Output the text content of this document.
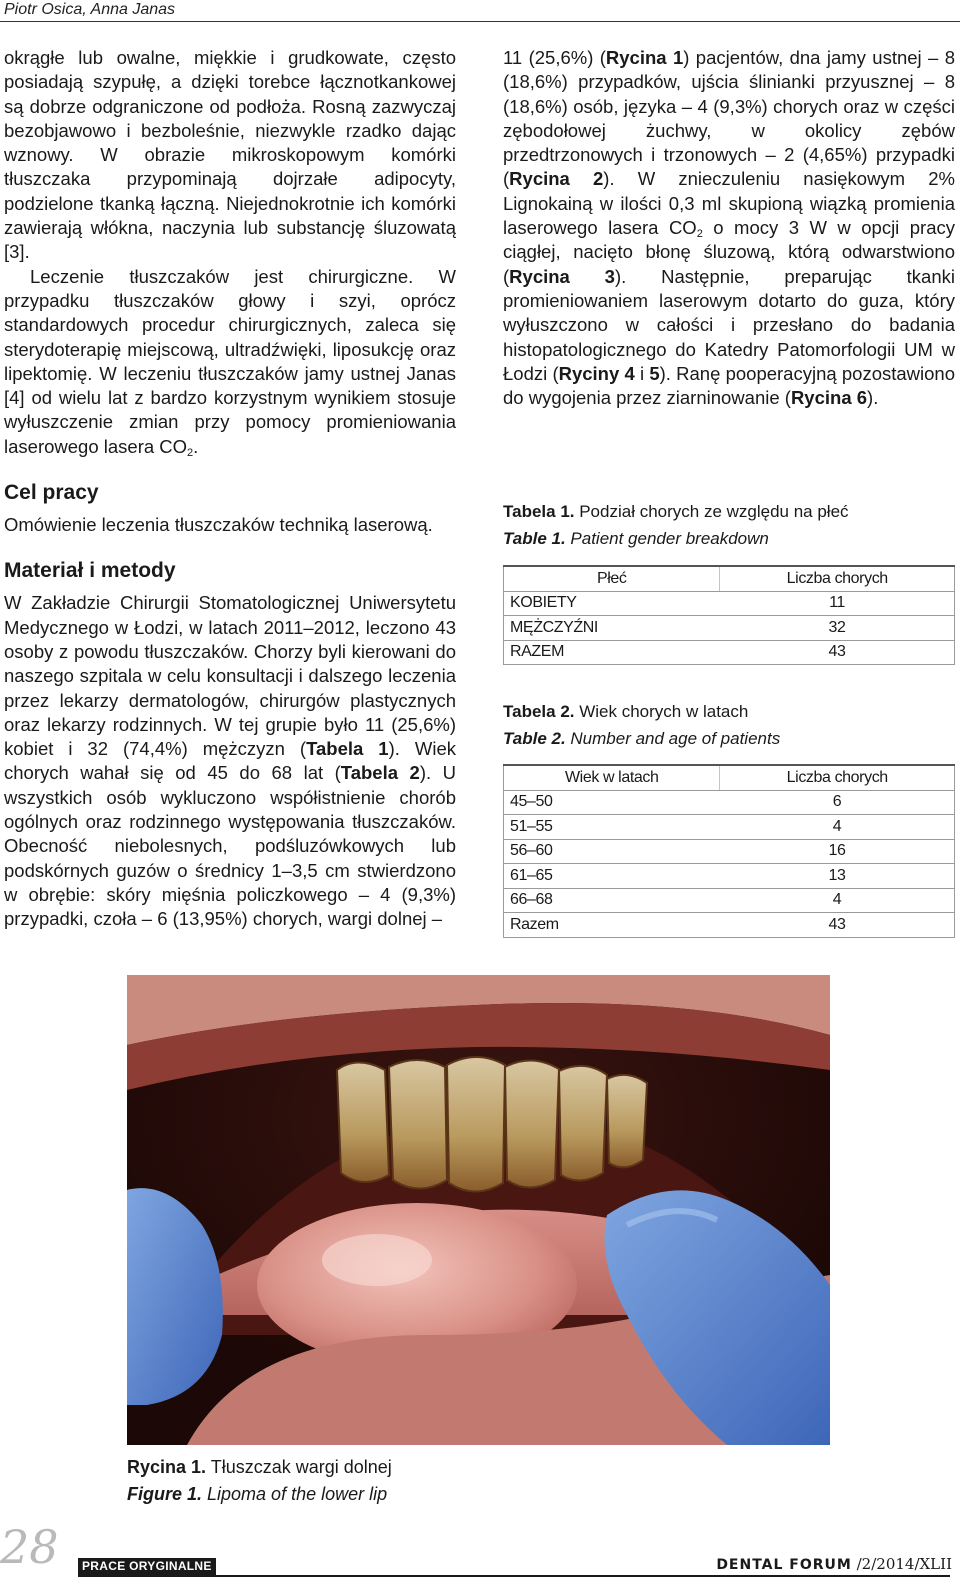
Piotr Osica, Anna Janas

okrągłe lub owalne, miękkie i grudkowate, często posiadają szypułę, a dzięki torebce łącznotkankowej są dobrze odgraniczone od podłoża. Rosną zazwyczaj bezobjawowo i bezboleśnie, niezwykle rzadko dając wznowy. W obrazie mikroskopowym komórki tłuszczaka przypominają dojrzałe adipocyty, podzielone tkanką łączną. Niejednokrotnie ich komórki zawierają włókna, naczynia lub substancję śluzowatą [3].

Leczenie tłuszczaków jest chirurgiczne. W przypadku tłuszczaków głowy i szyi, oprócz standardowych procedur chirurgicznych, zaleca się sterydoterapię miejscową, ultradźwięki, liposukcję oraz lipektomię. W leczeniu tłuszczaków jamy ustnej Janas [4] od wielu lat z bardzo korzystnym wynikiem stosuje wyłuszczenie zmian przy pomocy promieniowania laserowego lasera $CO_2$.

Cel pracy

Omówienie leczenia tłuszczaków techniką laserową.

Materiał i metody

W Zakładzie Chirurgii Stomatologicznej Uniwersytetu Medycznego w Łodzi, w latach 2011–2012, leczono 43 osoby z powodu tłuszczaków. Chorzy byli kierowani do naszego szpitala w celu konsultacji i dalszego leczenia przez lekarzy dermatologów, chirurgów plastycznych oraz lekarzy rodzinnych. W tej grupie było 11 (25,6%) kobiet i 32 (74,4%) mężczyzn (Tabela 1). Wiek chorych wahał się od 45 do 68 lat (Tabela 2). U wszystkich osób wykluczono współistnienie chorób ogólnych oraz rodzinnego występowania tłuszczaków. Obecność niebolesnych, podśluzówkowych lub podskórnych guzów o średnicy 1–3,5 cm stwierdzono w obrębie: skóry mięśnia policzkowego – 4 (9,3%) przypadki, czoła – 6 (13,95%) chorych, wargi dolnej –

11 (25,6%) (Rycina 1) pacjentów, dna jamy ustnej – 8 (18,6%) przypadków, ujścia ślinianki przyusznej – 8 (18,6%) osób, języka – 4 (9,3%) chorych oraz w części zębodołowej żuchwy, w okolicy zębów przedtrzonowych i trzonowych – 2 (4,65%) przypadki (Rycina 2). W znieczuleniu nasiękowym 2% Lignokainą w ilości 0,3 ml skupioną wiązką promienia laserowego lasera $CO_2$ o mocy 3 W w opcji pracy ciągłej, nacięto błonę śluzową, którą odwarstwiono (Rycina 3). Następnie, preparując tkanki promieniowaniem laserowym dotarto do guza, który wyłuszczono w całości i przesłano do badania histopatologicznego do Katedry Patomorfologii UM w Łodzi (Ryciny 4 i 5). Ranę pooperacyjną pozostawiono do wygojenia przez ziarninowanie (Rycina 6).

Tabela 1. Podział chorych ze względu na płeć

Table 1. Patient gender breakdown

Płeć	Liczba chorych
KOBIETY	11
MĘŻCZYŹNI	32
RAZEM	43

Tabela 2. Wiek chorych w latach

Table 2. Number and age of patients

Wiek w latach	Liczba chorych
45–50	6
51–55	4
56–60	16
61–65	13
66–68	4
Razem	43

Rycina 1. Tłuszczak wargi dolnej

Figure 1. Lipoma of the lower lip

28	PRACE ORYGINALNE	DENTAL FORUM /2/2014/XLII
